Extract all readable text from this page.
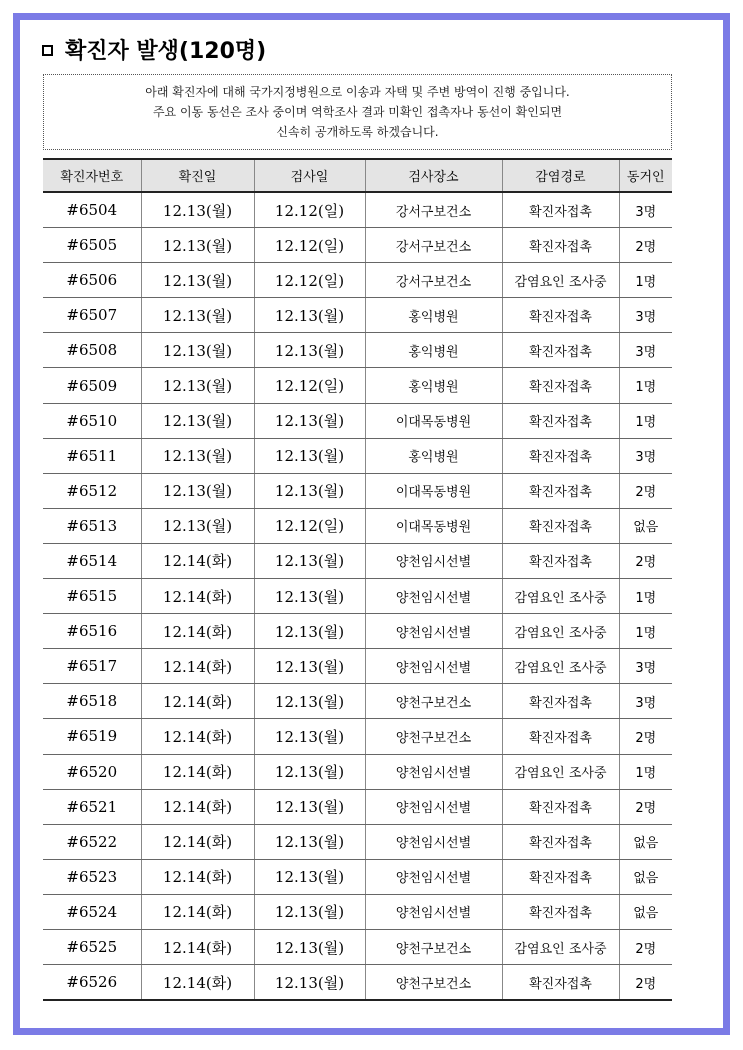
확진자 발생(120명)
아래 확진자에 대해 국가지정병원으로 이송과 자택 및 주변 방역이 진행 중입니다.
주요 이동 동선은 조사 중이며 역학조사 결과 미확인 접촉자나 동선이 확인되면
신속히 공개하도록 하겠습니다.
확진자번호	확진일	검사일	검사장소	감염경로	동거인
#6504	12.13(월)	12.12(일)	강서구보건소	확진자접촉	3명
#6505	12.13(월)	12.12(일)	강서구보건소	확진자접촉	2명
#6506	12.13(월)	12.12(일)	강서구보건소	감염요인 조사중	1명
#6507	12.13(월)	12.13(월)	홍익병원	확진자접촉	3명
#6508	12.13(월)	12.13(월)	홍익병원	확진자접촉	3명
#6509	12.13(월)	12.12(일)	홍익병원	확진자접촉	1명
#6510	12.13(월)	12.13(월)	이대목동병원	확진자접촉	1명
#6511	12.13(월)	12.13(월)	홍익병원	확진자접촉	3명
#6512	12.13(월)	12.13(월)	이대목동병원	확진자접촉	2명
#6513	12.13(월)	12.12(일)	이대목동병원	확진자접촉	없음
#6514	12.14(화)	12.13(월)	양천임시선별	확진자접촉	2명
#6515	12.14(화)	12.13(월)	양천임시선별	감염요인 조사중	1명
#6516	12.14(화)	12.13(월)	양천임시선별	감염요인 조사중	1명
#6517	12.14(화)	12.13(월)	양천임시선별	감염요인 조사중	3명
#6518	12.14(화)	12.13(월)	양천구보건소	확진자접촉	3명
#6519	12.14(화)	12.13(월)	양천구보건소	확진자접촉	2명
#6520	12.14(화)	12.13(월)	양천임시선별	감염요인 조사중	1명
#6521	12.14(화)	12.13(월)	양천임시선별	확진자접촉	2명
#6522	12.14(화)	12.13(월)	양천임시선별	확진자접촉	없음
#6523	12.14(화)	12.13(월)	양천임시선별	확진자접촉	없음
#6524	12.14(화)	12.13(월)	양천임시선별	확진자접촉	없음
#6525	12.14(화)	12.13(월)	양천구보건소	감염요인 조사중	2명
#6526	12.14(화)	12.13(월)	양천구보건소	확진자접촉	2명
